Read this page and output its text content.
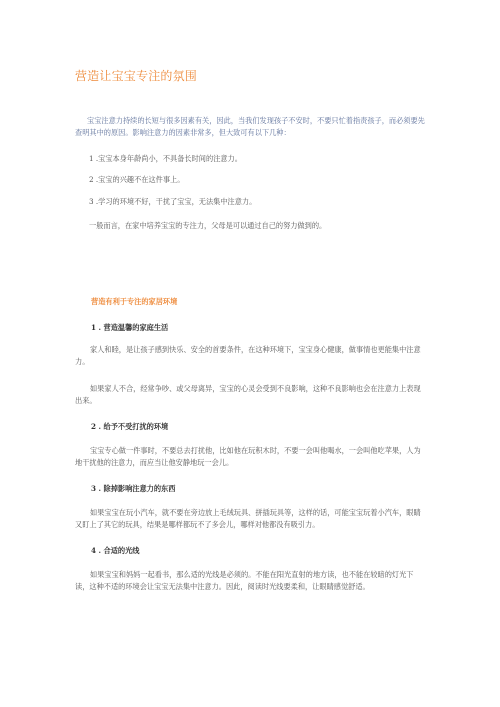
营造让宝宝专注的氛围
宝宝注意力持续的长短与很多因素有关，因此，当我们发现孩子不安时，不要只忙着指责孩子，而必须要先查明其中的原因。影响注意力的因素非常多，但大致可有以下几种：
1 .宝宝本身年龄尚小，不具备长时间的注意力。
2 .宝宝的兴趣不在这件事上。
3 .学习的环境不好，干扰了宝宝，无法集中注意力。
一般而言，在家中培养宝宝的专注力，父母是可以通过自己的努力做到的。
营造有利于专注的家居环境
1 . 营造温馨的家庭生活
家人和睦，是让孩子感到快乐、安全的首要条件，在这种环境下，宝宝身心健康，做事情也更能集中注意力。
如果家人不合，经常争吵、或父母离异，宝宝的心灵会受到不良影响，这种不良影响也会在注意力上表现出来。
2 . 给予不受打扰的环境
宝宝专心做一件事时，不要总去打扰他，比如他在玩积木时，不要一会叫他喝水，一会叫他吃苹果，人为地干扰他的注意力，而应当让他安静地玩一会儿。
3 . 除掉影响注意力的东西
如果宝宝在玩小汽车，就不要在旁边放上毛绒玩具、拼插玩具等，这样的话，可能宝宝玩着小汽车，眼睛又盯上了其它的玩具，结果是哪样都玩不了多会儿，哪样对他都没有吸引力。
4 . 合适的光线
如果宝宝和妈妈一起看书，那么适的光线是必须的。不能在阳光直射的地方读，也不能在较暗的灯光下读，这种不适的环境会让宝宝无法集中注意力。因此，阅读时光线要柔和，让眼睛感觉舒适。
